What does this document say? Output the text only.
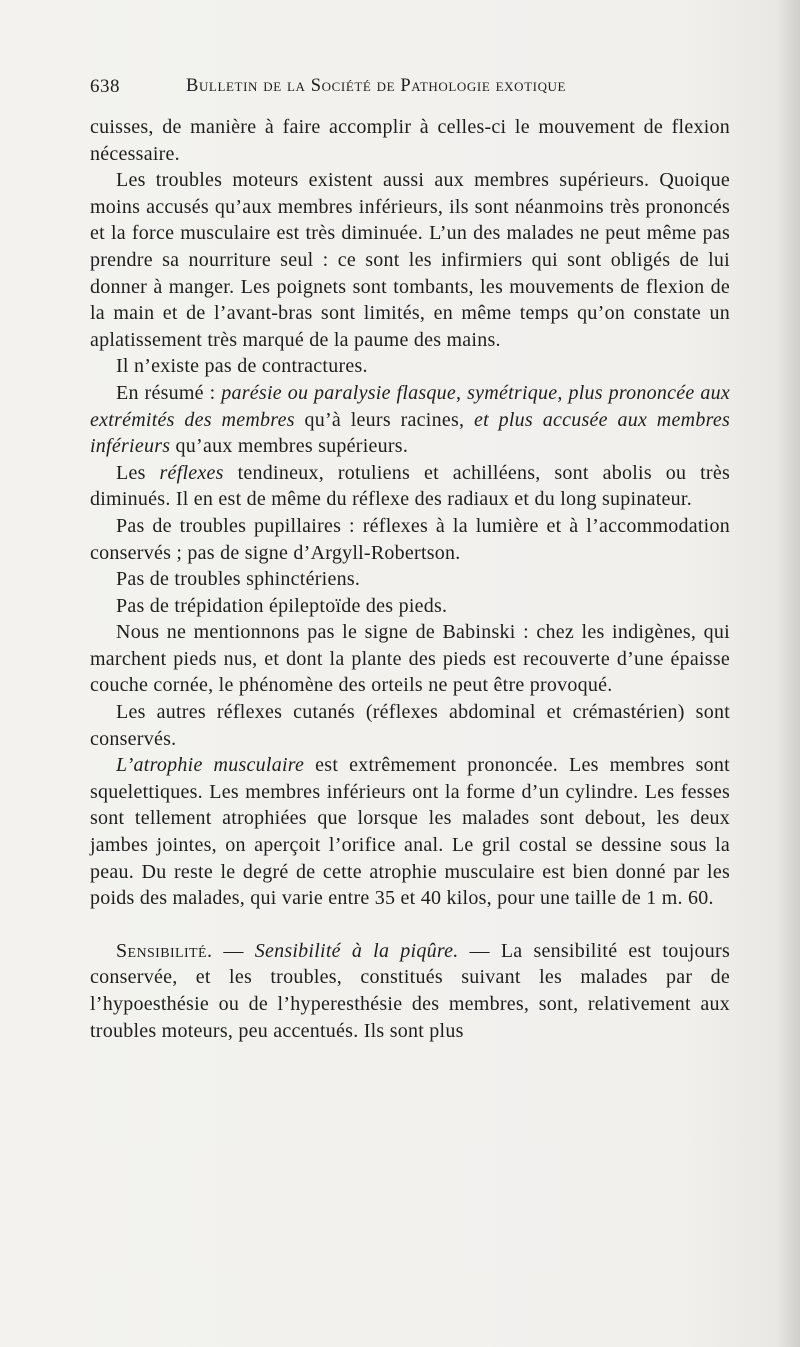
638	Bulletin de la Société de Pathologie exotique

cuisses, de manière à faire accomplir à celles-ci le mouvement de flexion nécessaire.

Les troubles moteurs existent aussi aux membres supérieurs. Quoique moins accusés qu’aux membres inférieurs, ils sont néanmoins très prononcés et la force musculaire est très diminuée. L’un des malades ne peut même pas prendre sa nourriture seul : ce sont les infirmiers qui sont obligés de lui donner à manger. Les poignets sont tombants, les mouvements de flexion de la main et de l’avant-bras sont limités, en même temps qu’on constate un aplatissement très marqué de la paume des mains.

Il n’existe pas de contractures.

En résumé : parésie ou paralysie flasque, symétrique, plus prononcée aux extrémités des membres qu’à leurs racines, et plus accusée aux membres inférieurs qu’aux membres supérieurs.

Les réflexes tendineux, rotuliens et achilléens, sont abolis ou très diminués. Il en est de même du réflexe des radiaux et du long supinateur.

Pas de troubles pupillaires : réflexes à la lumière et à l’accommodation conservés ; pas de signe d’Argyll-Robertson.

Pas de troubles sphinctériens.

Pas de trépidation épileptoïde des pieds.

Nous ne mentionnons pas le signe de Babinski : chez les indigènes, qui marchent pieds nus, et dont la plante des pieds est recouverte d’une épaisse couche cornée, le phénomène des orteils ne peut être provoqué.

Les autres réflexes cutanés (réflexes abdominal et crémastérien) sont conservés.

L’atrophie musculaire est extrêmement prononcée. Les membres sont squelettiques. Les membres inférieurs ont la forme d’un cylindre. Les fesses sont tellement atrophiées que lorsque les malades sont debout, les deux jambes jointes, on aperçoit l’orifice anal. Le gril costal se dessine sous la peau. Du reste le degré de cette atrophie musculaire est bien donné par les poids des malades, qui varie entre 35 et 40 kilos, pour une taille de 1 m. 60.

Sensibilité. — Sensibilité à la piqûre. — La sensibilité est toujours conservée, et les troubles, constitués suivant les malades par de l’hypoesthésie ou de l’hyperesthésie des membres, sont, relativement aux troubles moteurs, peu accentués. Ils sont plus
